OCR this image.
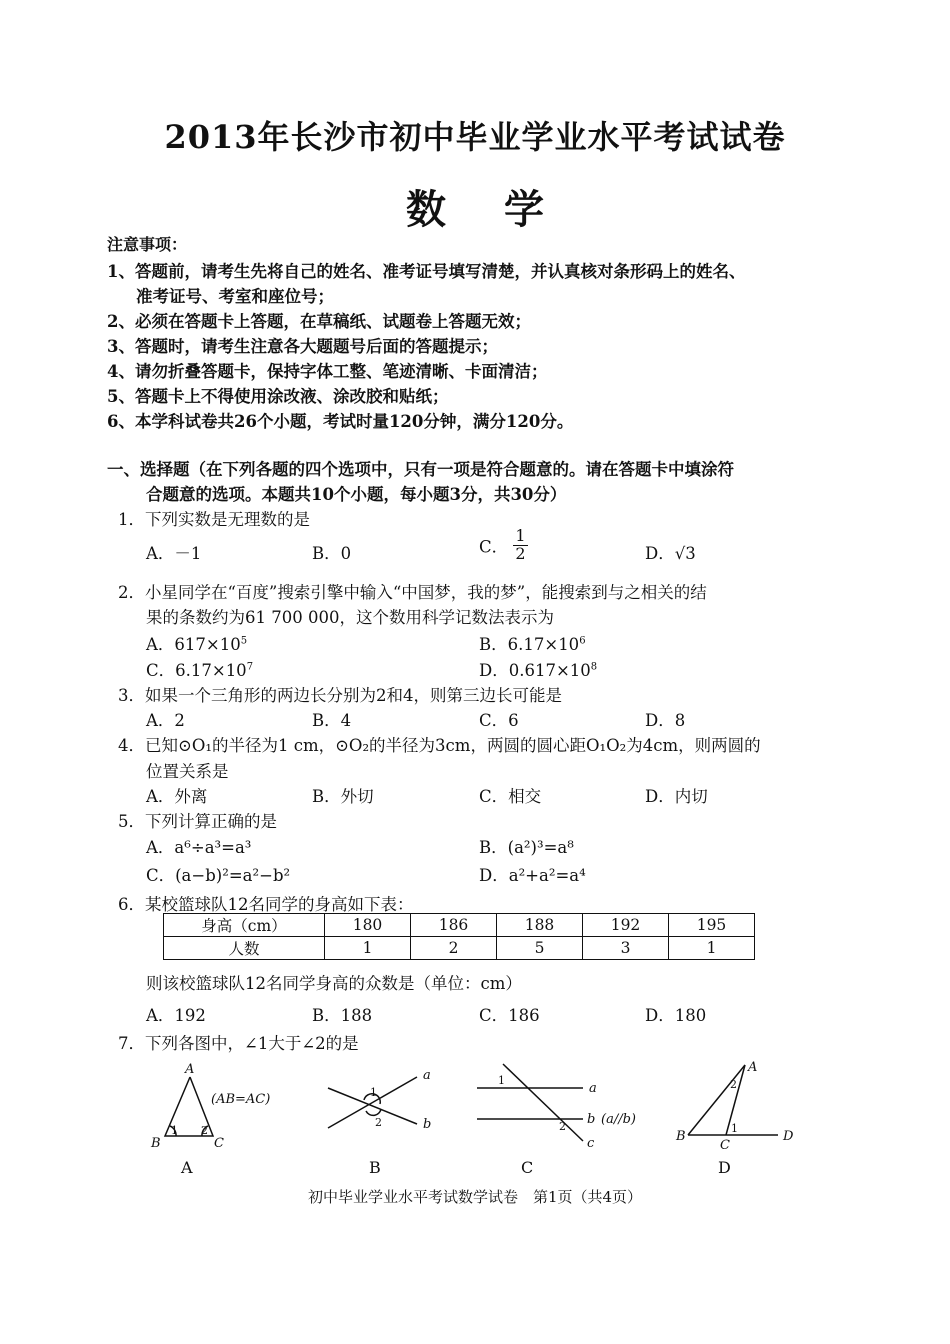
2013年长沙市初中毕业学业水平考试试卷
数学
注意事项：
1、答题前，请考生先将自己的姓名、准考证号填写清楚，并认真核对条形码上的姓名、
准考证号、考室和座位号；
2、必须在答题卡上答题，在草稿纸、试题卷上答题无效；
3、答题时，请考生注意各大题题号后面的答题提示；
4、请勿折叠答题卡，保持字体工整、笔迹清晰、卡面清洁；
5、答题卡上不得使用涂改液、涂改胶和贴纸；
6、本学科试卷共26个小题，考试时量120分钟，满分120分。
一、选择题（在下列各题的四个选项中，只有一项是符合题意的。请在答题卡中填涂符
合题意的选项。本题共10个小题，每小题3分，共30分）
1．下列实数是无理数的是
A．－1	B．0	C． $\frac{1}{2}$	D．√3
2．小星同学在“百度”搜索引擎中输入“中国梦，我的梦”，能搜索到与之相关的结
果的条数约为61 700 000，这个数用科学记数法表示为
A．$617\times 10^5$	B．$6.17\times 10^6$
C．$6.17\times 10^7$	D．$0.617\times 10^8$
3．如果一个三角形的两边长分别为2和4，则第三边长可能是
A．2	B．4	C．6	D．8
4．已知⊙O₁的半径为1 cm，⊙O₂的半径为3cm，两圆的圆心距O₁O₂为4cm，则两圆的
位置关系是
A．外离	B．外切	C．相交	D．内切
5．下列计算正确的是
A．a⁶÷a³=a³	B．(a²)³=a⁸
C．(a−b)²=a²−b²	D．a²+a²=a⁴
6．某校篮球队12名同学的身高如下表：
身高（cm）	180	186	188	192	195
人数	1	2	5	3	1
则该校篮球队12名同学身高的众数是（单位：cm）
A．192	B．188	C．186	D．180
7．下列各图中，∠1大于∠2的是
A
B	C
(AB=AC)
1 2
a
b
1
2
a
b
c
(a//b)
1
2
A
B
C
D
1
2
A	B	C	D
初中毕业学业水平考试数学试卷　第1页（共4页）
